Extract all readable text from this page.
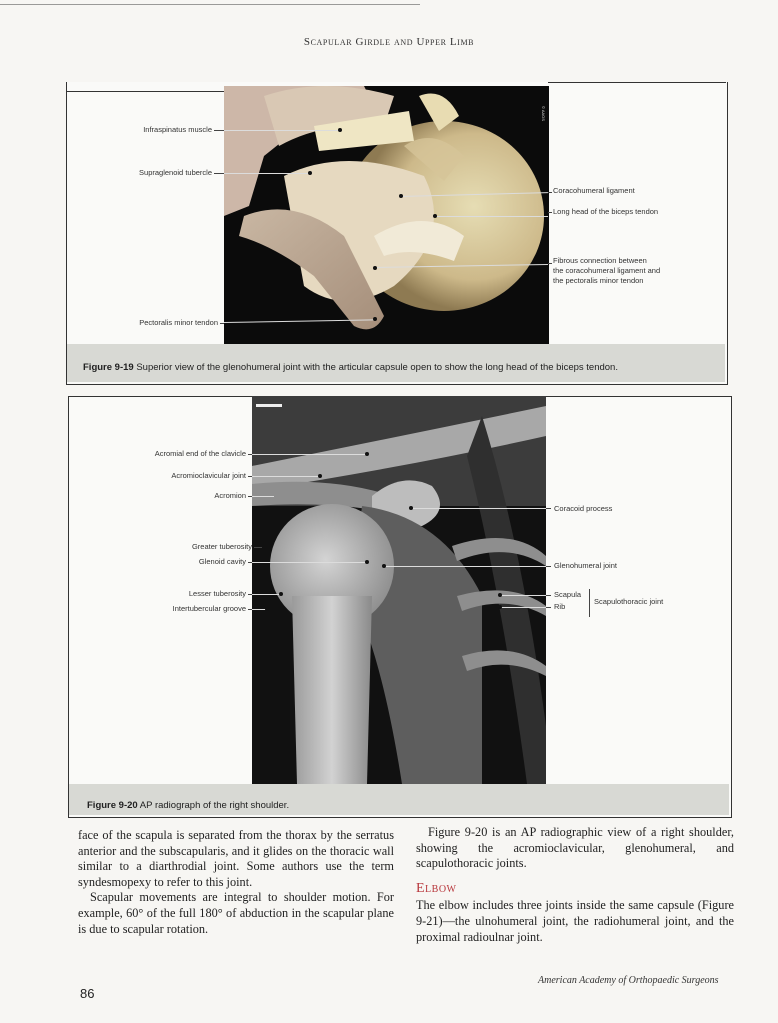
Scapular Girdle and Upper Limb
© AAOS
Infraspinatus muscle
Supraglenoid tubercle
Pectoralis minor tendon
Coracohumeral ligament
Long head of the biceps tendon
Fibrous connection between
the coracohumeral ligament and
the pectoralis minor tendon
Figure 9-19 Superior view of the glenohumeral joint with the articular capsule open to show the long head of the biceps tendon.
Acromial end of the clavicle
Acromioclavicular joint
Acromion
Greater tuberosity
Glenoid cavity
Lesser tuberosity
Intertubercular groove
Coracoid process
Glenohumeral joint
Scapula
Rib
Scapulothoracic joint
Figure 9-20 AP radiograph of the right shoulder.

face of the scapula is separated from the thorax by the serratus anterior and the subscapularis, and it glides on the thoracic wall similar to a diarthrodial joint. Some authors use the term syndesmopexy to refer to this joint.

Scapular movements are integral to shoulder motion. For example, 60° of the full 180° of abduction in the scapular plane is due to scapular rotation.

Figure 9-20 is an AP radiographic view of a right shoulder, showing the acromioclavicular, glenohumeral, and scapulothoracic joints.

Elbow

The elbow includes three joints inside the same capsule (Figure 9-21)—the ulnohumeral joint, the radiohumeral joint, and the proximal radioulnar joint.

American Academy of Orthopaedic Surgeons
86
